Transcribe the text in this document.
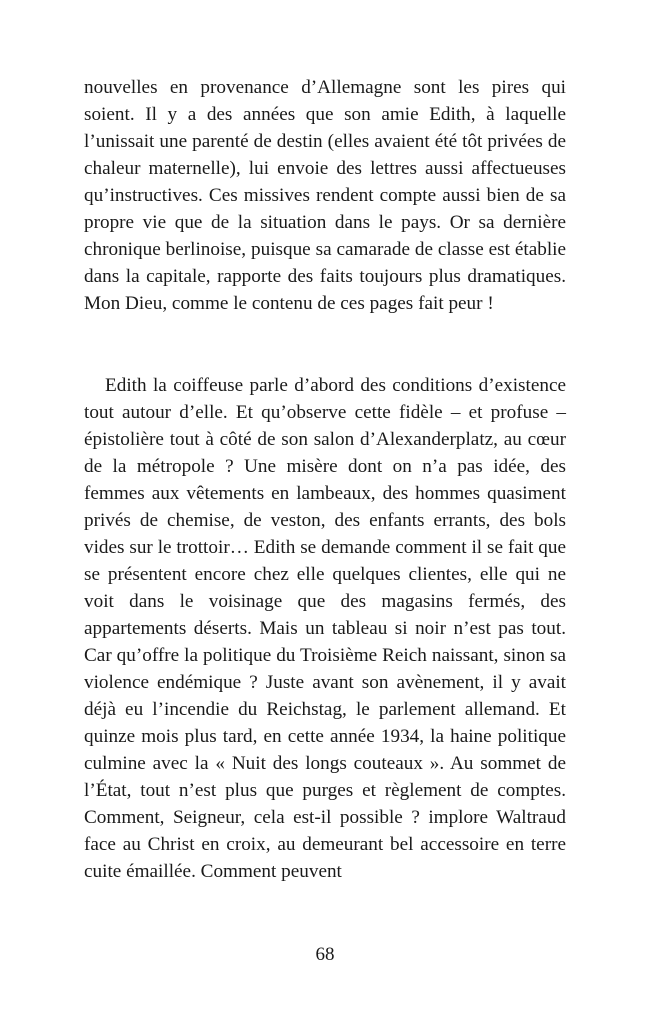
nouvelles en provenance d’Allemagne sont les pires qui soient. Il y a des années que son amie Edith, à laquelle l’unissait une parenté de destin (elles avaient été tôt privées de chaleur maternelle), lui envoie des lettres aussi affectueuses qu’instructives. Ces missives rendent compte aussi bien de sa propre vie que de la situation dans le pays. Or sa dernière chronique berlinoise, puisque sa camarade de classe est établie dans la capitale, rapporte des faits toujours plus dramatiques. Mon Dieu, comme le contenu de ces pages fait peur !

Edith la coiffeuse parle d’abord des conditions d’existence tout autour d’elle. Et qu’observe cette fidèle – et profuse – épistolière tout à côté de son salon d’Alexanderplatz, au cœur de la métropole ? Une misère dont on n’a pas idée, des femmes aux vêtements en lambeaux, des hommes quasiment privés de chemise, de veston, des enfants errants, des bols vides sur le trottoir… Edith se demande comment il se fait que se présentent encore chez elle quelques clientes, elle qui ne voit dans le voisinage que des magasins fermés, des appartements déserts. Mais un tableau si noir n’est pas tout. Car qu’offre la politique du Troisième Reich naissant, sinon sa violence endémique ? Juste avant son avènement, il y avait déjà eu l’incendie du Reichstag, le parlement allemand. Et quinze mois plus tard, en cette année 1934, la haine politique culmine avec la « Nuit des longs couteaux ». Au sommet de l’État, tout n’est plus que purges et règlement de comptes. Comment, Seigneur, cela est-il possible ? implore Waltraud face au Christ en croix, au demeurant bel accessoire en terre cuite émaillée. Comment peuvent

68
